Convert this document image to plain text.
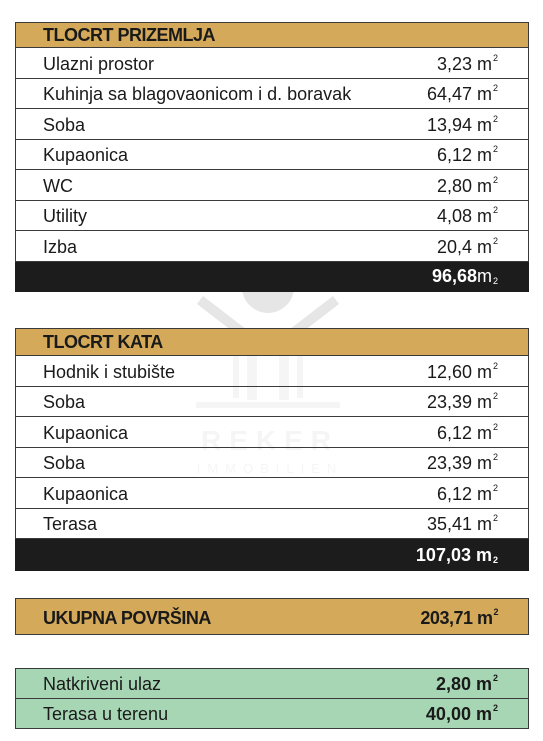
TLOCRT PRIZEMLJA
Ulazni prostor	3,23 $m^2$
Kuhinja sa blagovaonicom i d. boravak	64,47 $m^2$
Soba	13,94 $m^2$
Kupaonica	6,12 $m^2$
WC	2,80 $m^2$
Utility	4,08 $m^2$
Izba	20,4 $m^2$
96,68 $m^2$
TLOCRT KATA
Hodnik i stubište	12,60 $m^2$
Soba	23,39 $m^2$
Kupaonica	6,12 $m^2$
Soba	23,39 $m^2$
Kupaonica	6,12 $m^2$
Terasa	35,41 $m^2$
107,03 $m^2$
UKUPNA POVRŠINA	203,71 $m^2$
Natkriveni ulaz	2,80 $m^2$
Terasa u terenu	40,00 $m^2$
